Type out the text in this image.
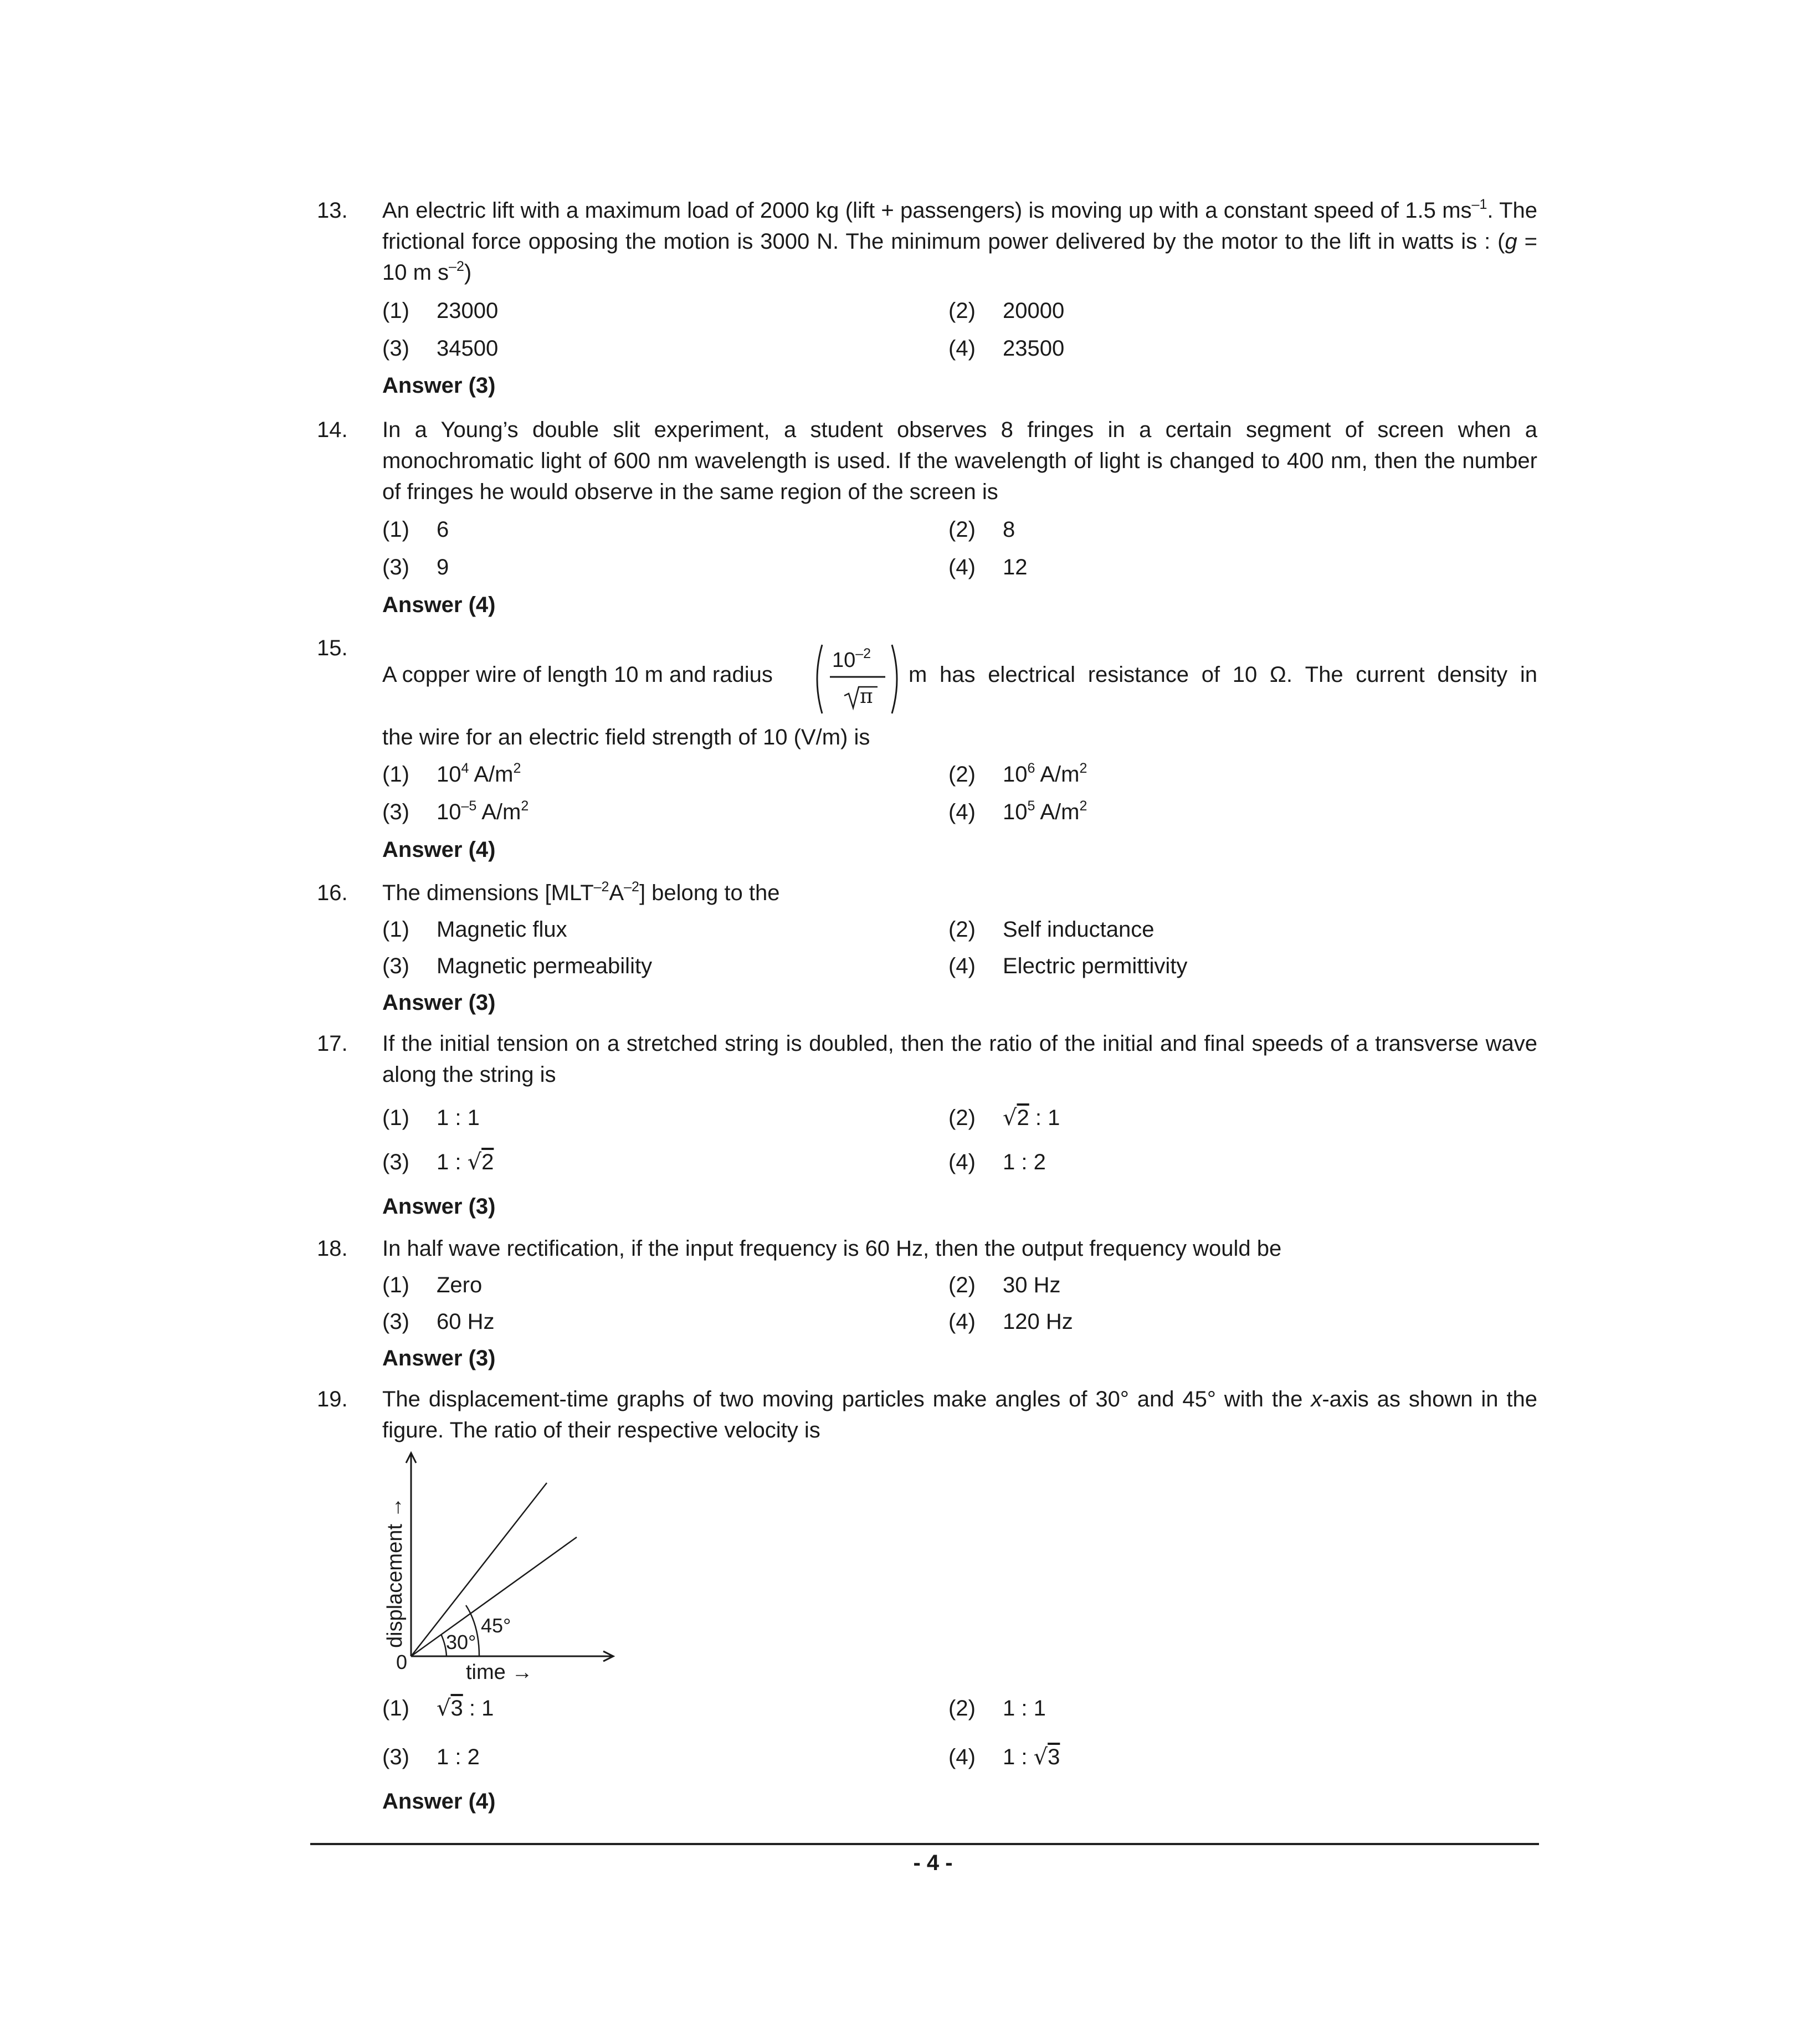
13. An electric lift with a maximum load of 2000 kg (lift + passengers) is moving up with a constant speed of 1.5 $ms^{-1}$. The frictional force opposing the motion is 3000 N. The minimum power delivered by the motor to the lift in watts is : (g = 10 m $s^{-2}$)
(1) 23000	(2) 20000
(3) 34500	(4) 23500
Answer (3)
14. In a Young’s double slit experiment, a student observes 8 fringes in a certain segment of screen when a monochromatic light of 600 nm wavelength is used. If the wavelength of light is changed to 400 nm, then the number of fringes he would observe in the same region of the screen is
(1) 6	(2) 8
(3) 9	(4) 12
Answer (4)
15.
A copper wire of length 10 m and radius
$10^{-2}$
π
m has electrical resistance of 10 Ω. The current density in
the wire for an electric field strength of 10 (V/m) is
(1) $10^4$ $A/m^2$	(2) $10^6$ $A/m^2$
(3) $10^{-5}$ $A/m^2$	(4) $10^5$ $A/m^2$
Answer (4)
16. The dimensions $[MLT^{-2}A^{-2}]$ belong to the
(1) Magnetic flux	(2) Self inductance
(3) Magnetic permeability	(4) Electric permittivity
Answer (3)
17. If the initial tension on a stretched string is doubled, then the ratio of the initial and final speeds of a transverse wave along the string is
(1) 1 : 1	(2) √2 : 1
(3) 1 : √2	(4) 1 : 2
Answer (3)
18. In half wave rectification, if the input frequency is 60 Hz, then the output frequency would be
(1) Zero	(2) 30 Hz
(3) 60 Hz	(4) 120 Hz
Answer (3)
19. The displacement-time graphs of two moving particles make angles of 30° and 45° with the x-axis as shown in the figure. The ratio of their respective velocity is
displacement →
0
30°
45°
time →
(1) √3 : 1	(2) 1 : 1
(3) 1 : 2	(4) 1 : √3
Answer (4)
- 4 -
